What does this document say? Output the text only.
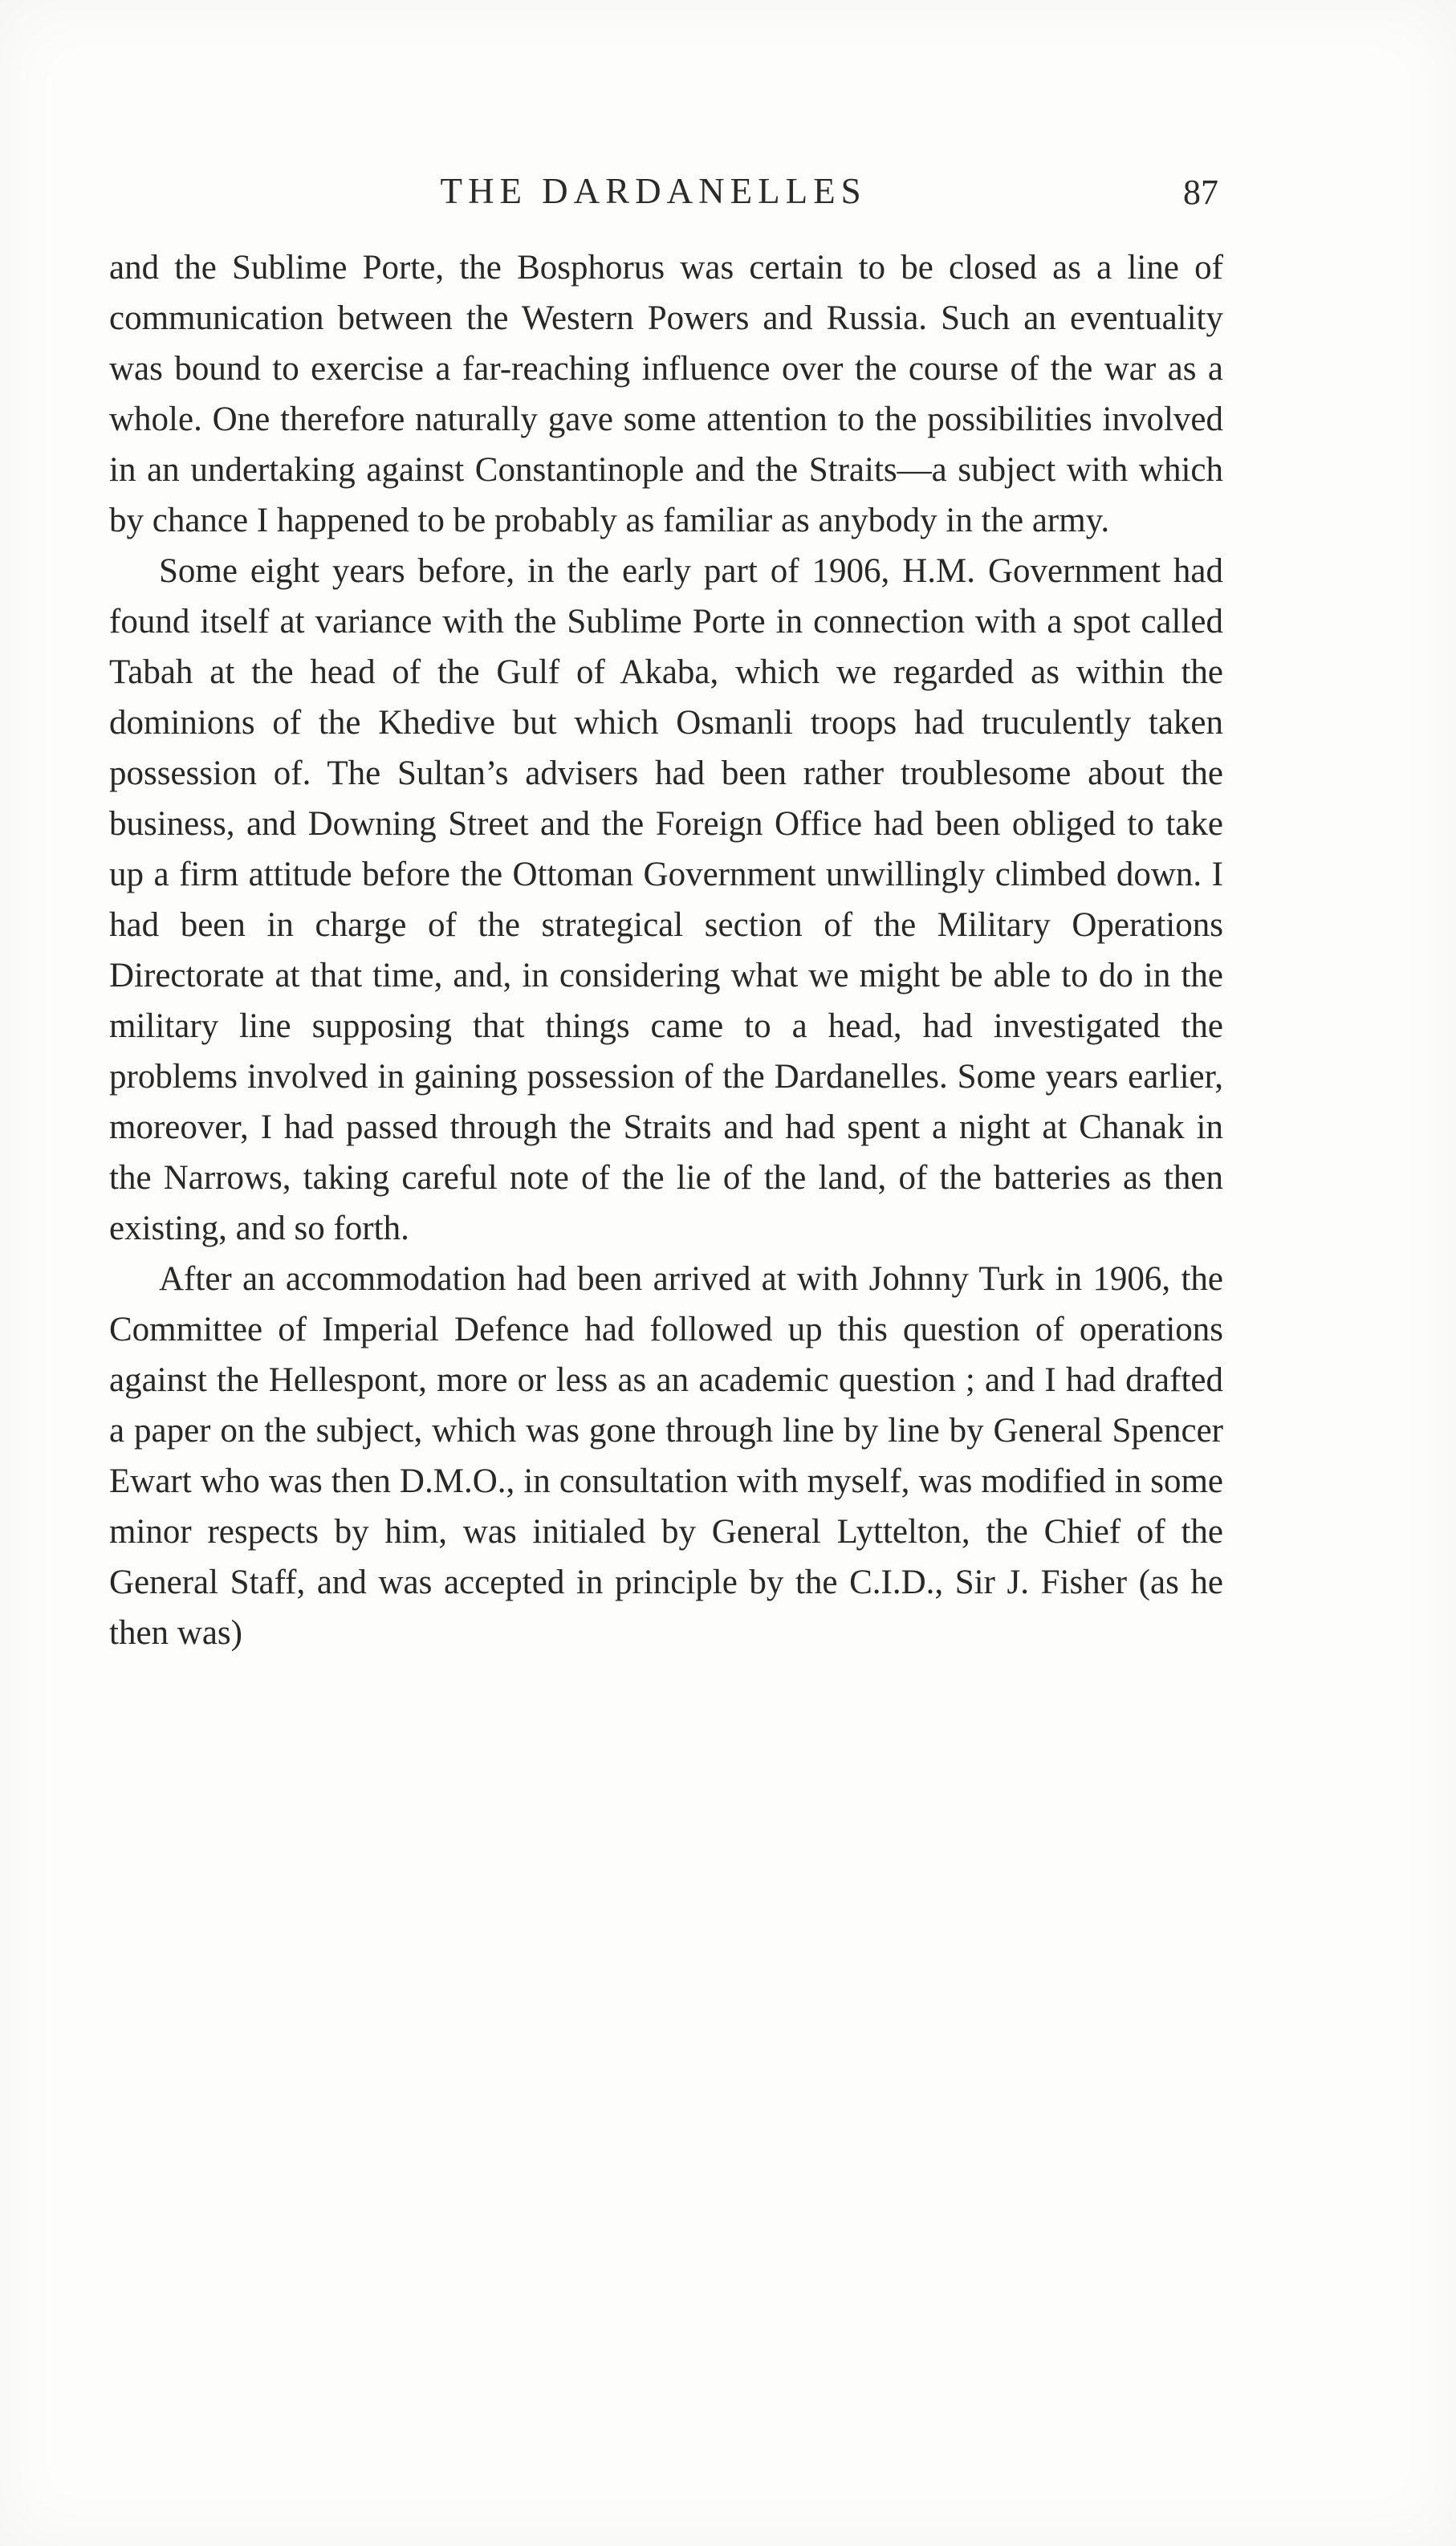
THE DARDANELLES	87

and the Sublime Porte, the Bosphorus was certain to be closed as a line of communication between the Western Powers and Russia. Such an eventuality was bound to exercise a far-reaching influence over the course of the war as a whole. One therefore naturally gave some attention to the possibilities involved in an undertaking against Constantinople and the Straits—a subject with which by chance I happened to be probably as familiar as anybody in the army.

Some eight years before, in the early part of 1906, H.M. Government had found itself at variance with the Sublime Porte in connection with a spot called Tabah at the head of the Gulf of Akaba, which we regarded as within the dominions of the Khedive but which Osmanli troops had truculently taken possession of. The Sultan’s advisers had been rather troublesome about the business, and Downing Street and the Foreign Office had been obliged to take up a firm attitude before the Ottoman Government unwillingly climbed down. I had been in charge of the strategical section of the Military Operations Directorate at that time, and, in considering what we might be able to do in the military line supposing that things came to a head, had investigated the problems involved in gaining possession of the Dardanelles. Some years earlier, moreover, I had passed through the Straits and had spent a night at Chanak in the Narrows, taking careful note of the lie of the land, of the batteries as then existing, and so forth.

After an accommodation had been arrived at with Johnny Turk in 1906, the Committee of Imperial Defence had followed up this question of operations against the Hellespont, more or less as an academic question ; and I had drafted a paper on the subject, which was gone through line by line by General Spencer Ewart who was then D.M.O., in consultation with myself, was modified in some minor respects by him, was initialed by General Lyttelton, the Chief of the General Staff, and was accepted in principle by the C.I.D., Sir J. Fisher (as he then was)
